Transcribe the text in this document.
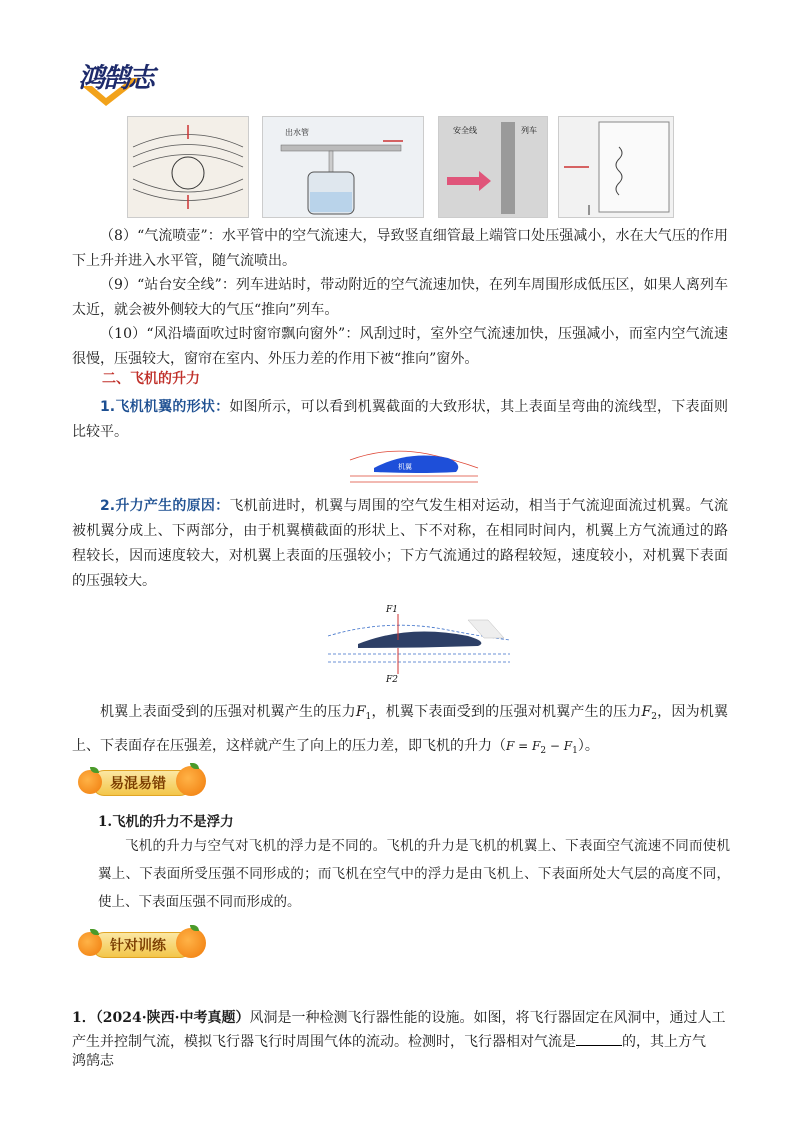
鸿鹄志
出水管	安全线	列车
（8）“气流喷壶”：水平管中的空气流速大，导致竖直细管最上端管口处压强减小，水在大气压的作用下上升并进入水平管，随气流喷出。
（9）“站台安全线”：列车进站时，带动附近的空气流速加快，在列车周围形成低压区，如果人离列车太近，就会被外侧较大的气压“推向”列车。
（10）“风沿墙面吹过时窗帘飘向窗外”：风刮过时，室外空气流速加快，压强减小，而室内空气流速很慢，压强较大，窗帘在室内、外压力差的作用下被“推向”窗外。
二、飞机的升力
1.飞机机翼的形状：如图所示，可以看到机翼截面的大致形状，其上表面呈弯曲的流线型，下表面则比较平。
机翼
2.升力产生的原因：飞机前进时，机翼与周围的空气发生相对运动，相当于气流迎面流过机翼。气流被机翼分成上、下两部分，由于机翼横截面的形状上、下不对称，在相同时间内，机翼上方气流通过的路程较长，因而速度较大，对机翼上表面的压强较小；下方气流通过的路程较短，速度较小，对机翼下表面的压强较大。
F1
F2
机翼上表面受到的压强对机翼产生的压力$F_1$，机翼下表面受到的压强对机翼产生的压力$F_2$，因为机翼上、下表面存在压强差，这样就产生了向上的压力差，即飞机的升力$(F = F_2 - F_1)$。
易混易错
1.飞机的升力不是浮力
飞机的升力与空气对飞机的浮力是不同的。飞机的升力是飞机的机翼上、下表面空气流速不同而使机翼上、下表面所受压强不同形成的；而飞机在空气中的浮力是由飞机上、下表面所处大气层的高度不同，使上、下表面压强不同而形成的。
针对训练
1．（2024·陕西·中考真题）风洞是一种检测飞行器性能的设施。如图，将飞行器固定在风洞中，通过人工产生并控制气流，模拟飞行器飞行时周围气体的流动。检测时，飞行器相对气流是	的，其上方气
鸿鹄志
